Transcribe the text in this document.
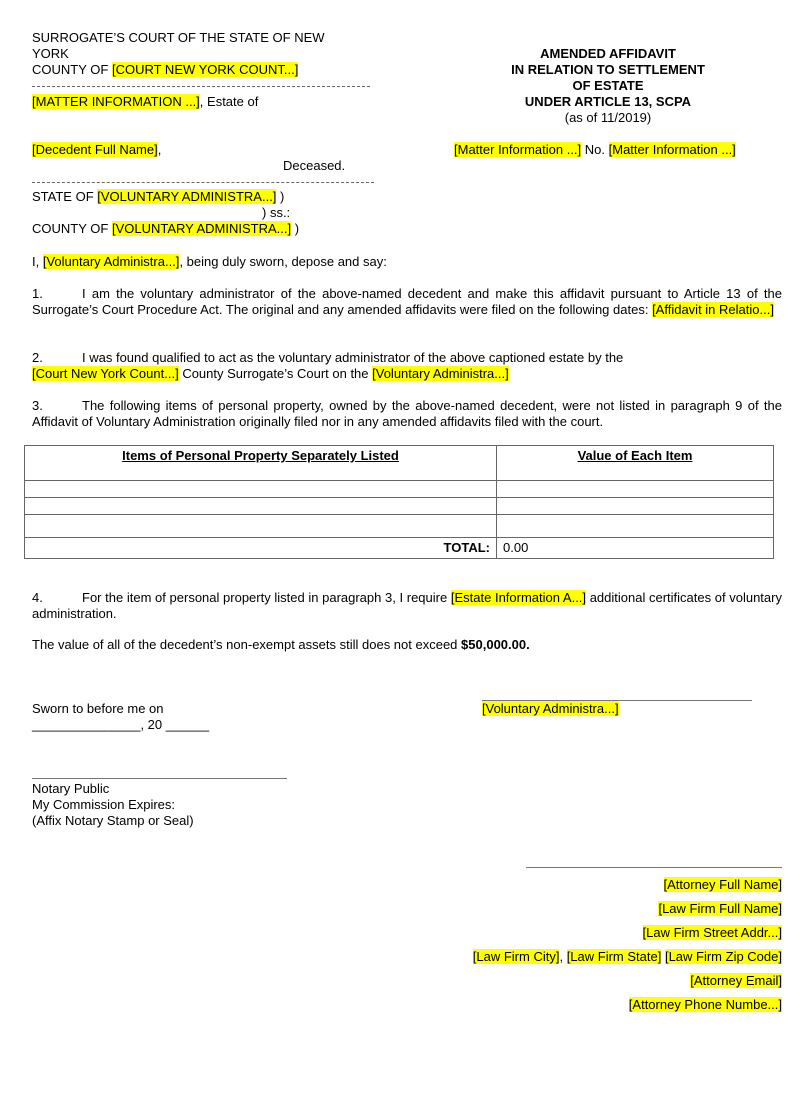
SURROGATE’S COURT OF THE STATE OF NEW
YORK
COUNTY OF [COURT NEW YORK COUNT...]
[MATTER INFORMATION ...], Estate of
[Decedent Full Name],
Deceased.
AMENDED AFFIDAVIT
IN RELATION TO SETTLEMENT
OF ESTATE
UNDER ARTICLE 13, SCPA
(as of 11/2019)
[Matter Information ...] No. [Matter Information ...]
STATE OF [VOLUNTARY ADMINISTRA...] )
) ss.:
COUNTY OF [VOLUNTARY ADMINISTRA...] )
I, [Voluntary Administra...], being duly sworn, depose and say:
1.	I am the voluntary administrator of the above-named decedent and make this affidavit pursuant to Article 13 of the Surrogate’s Court Procedure Act. The original and any amended affidavits were filed on the following dates: [Affidavit in Relatio...]
2.	I was found qualified to act as the voluntary administrator of the above captioned estate by the
[Court New York Count...] County Surrogate’s Court on the [Voluntary Administra...]
3.	The following items of personal property, owned by the above-named decedent, were not listed in paragraph 9 of the Affidavit of Voluntary Administration originally filed nor in any amended affidavits filed with the court.
Items of Personal Property Separately Listed	Value of Each Item

TOTAL:	0.00
4.	For the item of personal property listed in paragraph 3, I require [Estate Information A...] additional certificates of voluntary administration.
The value of all of the decedent’s non-exempt assets still does not exceed $50,000.00.
Sworn to before me on
_______________, 20 ______
[Voluntary Administra...]
Notary Public
My Commission Expires:
(Affix Notary Stamp or Seal)
[Attorney Full Name]
[Law Firm Full Name]
[Law Firm Street Addr...]
[Law Firm City], [Law Firm State] [Law Firm Zip Code]
[Attorney Email]
[Attorney Phone Numbe...]
